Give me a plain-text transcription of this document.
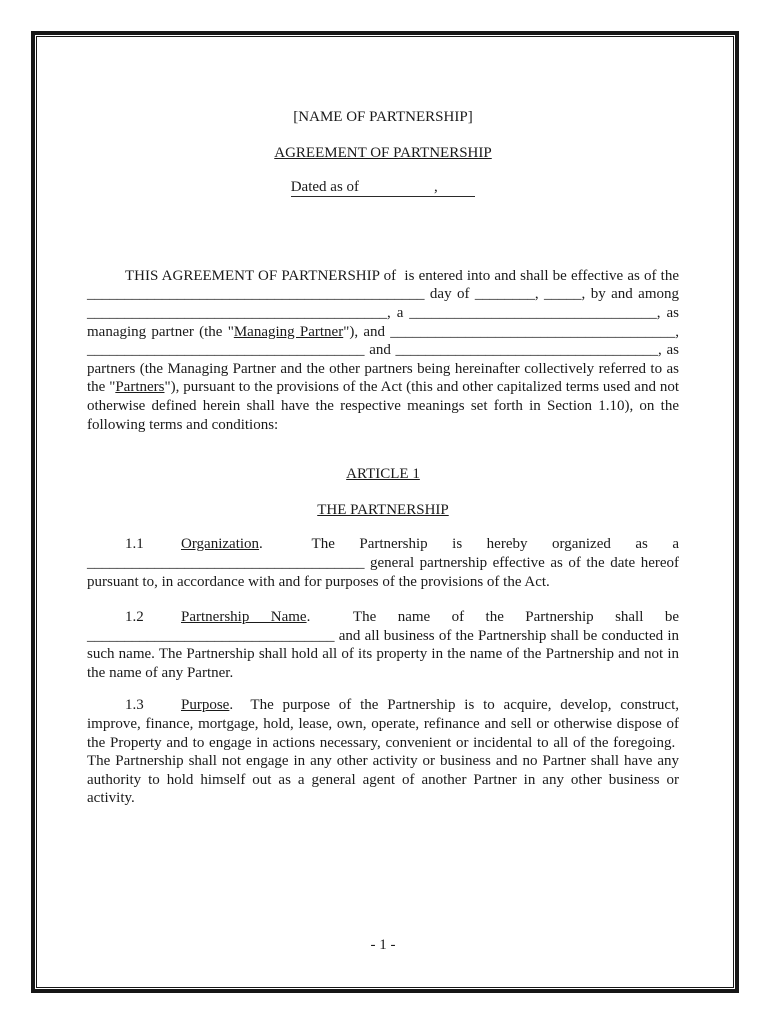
[NAME OF PARTNERSHIP]

AGREEMENT OF PARTNERSHIP

Dated as of                    ,

THIS AGREEMENT OF PARTNERSHIP of  is entered into and shall be effective as of the _____________________________________________ day of ________, _____, by and among ________________________________________, a _________________________________, as managing partner (the "Managing Partner"), and ______________________________________, _____________________________________ and ___________________________________, as partners (the Managing Partner and the other partners being hereinafter collectively referred to as the "Partners"), pursuant to the provisions of the Act (this and other capitalized terms used and not otherwise defined herein shall have the respective meanings set forth in Section 1.10), on the following terms and conditions:

ARTICLE 1

THE PARTNERSHIP

1.1 Organization.  The Partnership is hereby organized as a _____________________________________ general partnership effective as of the date hereof pursuant to, in accordance with and for purposes of the provisions of the Act.

1.2 Partnership Name.  The name of the Partnership shall be _________________________________ and all business of the Partnership shall be conducted in such name. The Partnership shall hold all of its property in the name of the Partnership and not in the name of any Partner.

1.3 Purpose.  The purpose of the Partnership is to acquire, develop, construct, improve, finance, mortgage, hold, lease, own, operate, refinance and sell or otherwise dispose of the Property and to engage in actions necessary, convenient or incidental to all of the foregoing.  The Partnership shall not engage in any other activity or business and no Partner shall have any authority to hold himself out as a general agent of another Partner in any other business or activity.

- 1 -
